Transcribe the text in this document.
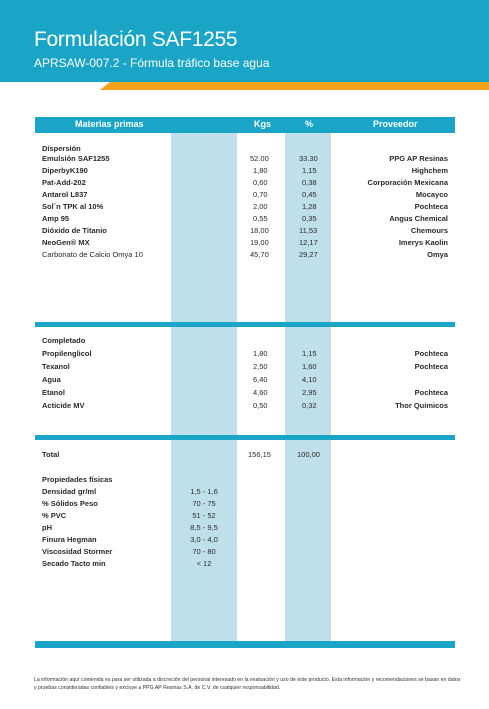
Formulación SAF1255
APRSAW-007.2 - Fórmula tráfico base agua
Materias primas	Kgs	%	Proveedor
Dispersión
Emulsión SAF1255	52.00	33.30	PPG AP Resinas
DiperbyK190	1,80	1,15	Highchem
Pat-Add-202	0,60	0,38	Corporación Mexicana
Antarol L837	0,70	0,45	Mocayco
Sol´n TPK al 10%	2,00	1,28	Pochteca
Amp 95	0,55	0,35	Angus Chemical
Dióxido de Titanio	18,00	11,53	Chemours
NeoGen® MX	19,00	12,17	Imerys Kaolin
Carbonato de Calcio Omya 10	45,70	29,27	Omya
Completado
Propilenglicol	1,80	1,15	Pochteca
Texanol	2,50	1,60	Pochteca
Agua	6,40	4,10
Etanol	4,60	2,95	Pochteca
Acticide MV	0,50	0,32	Thor Químicos
Total	156,15	100,00
Propiedades físicas
Densidad gr/ml	1,5 - 1,6
% Sólidos Peso	70 - 75
% PVC	51 - 52
pH	8,5 - 9,5
Finura Hegman	3,0 - 4,0
Viscosidad Stormer	70 - 80
Secado Tacto min	< 12
La información aquí contenida es para ser utilizada a discreción del personal interesado en la evaluación y uso de éste producto. Esta información y recomendaciones se basan en datos
y pruebas consideradas confiables y excluye a PPG AP Resinas S.A. de C.V. de cualquier responsabilidad.
